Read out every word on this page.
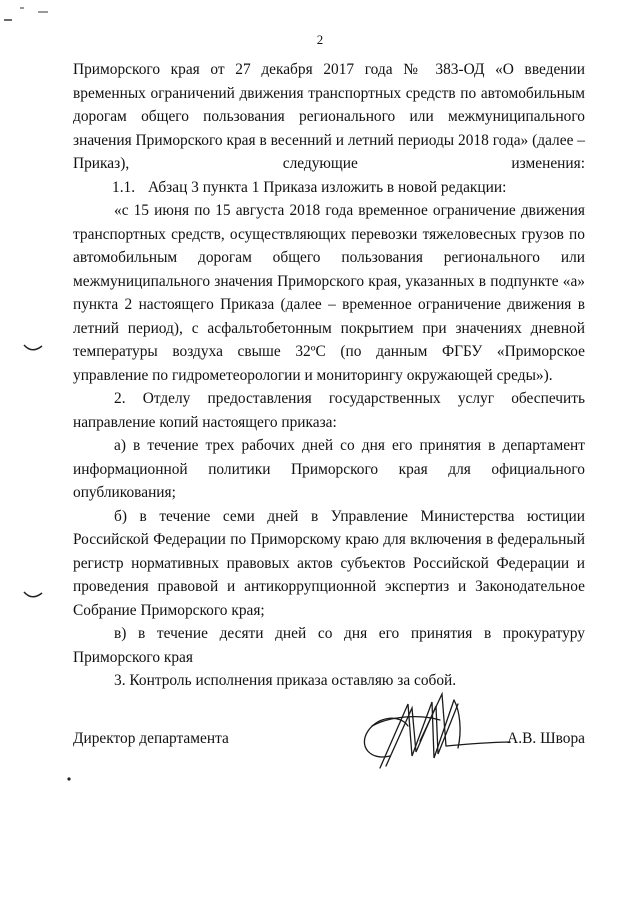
2

Приморского края от 27 декабря 2017 года № 383-ОД «О введении временных ограничений движения транспортных средств по автомобильным дорогам общего пользования регионального или межмуниципального значения Приморского края в весенний и летний периоды 2018 года» (далее – Приказ), следующие изменения:

1.1. Абзац 3 пункта 1 Приказа изложить в новой редакции:

«с 15 июня по 15 августа 2018 года временное ограничение движения транспортных средств, осуществляющих перевозки тяжеловесных грузов по автомобильным дорогам общего пользования регионального или межмуниципального значения Приморского края, указанных в подпункте «а» пункта 2 настоящего Приказа (далее – временное ограничение движения в летний период), с асфальтобетонным покрытием при значениях дневной температуры воздуха свыше 32ºС (по данным ФГБУ «Приморское управление по гидрометеорологии и мониторингу окружающей среды»).

2. Отделу предоставления государственных услуг обеспечить направление копий настоящего приказа:

а) в течение трех рабочих дней со дня его принятия в департамент информационной политики Приморского края для официального опубликования;

б) в течение семи дней в Управление Министерства юстиции Российской Федерации по Приморскому краю для включения в федеральный регистр нормативных правовых актов субъектов Российской Федерации и проведения правовой и антикоррупционной экспертиз и Законодательное Собрание Приморского края;

в) в течение десяти дней со дня его принятия в прокуратуру Приморского края

3. Контроль исполнения приказа оставляю за собой.

Директор департамента	А.В. Швора
